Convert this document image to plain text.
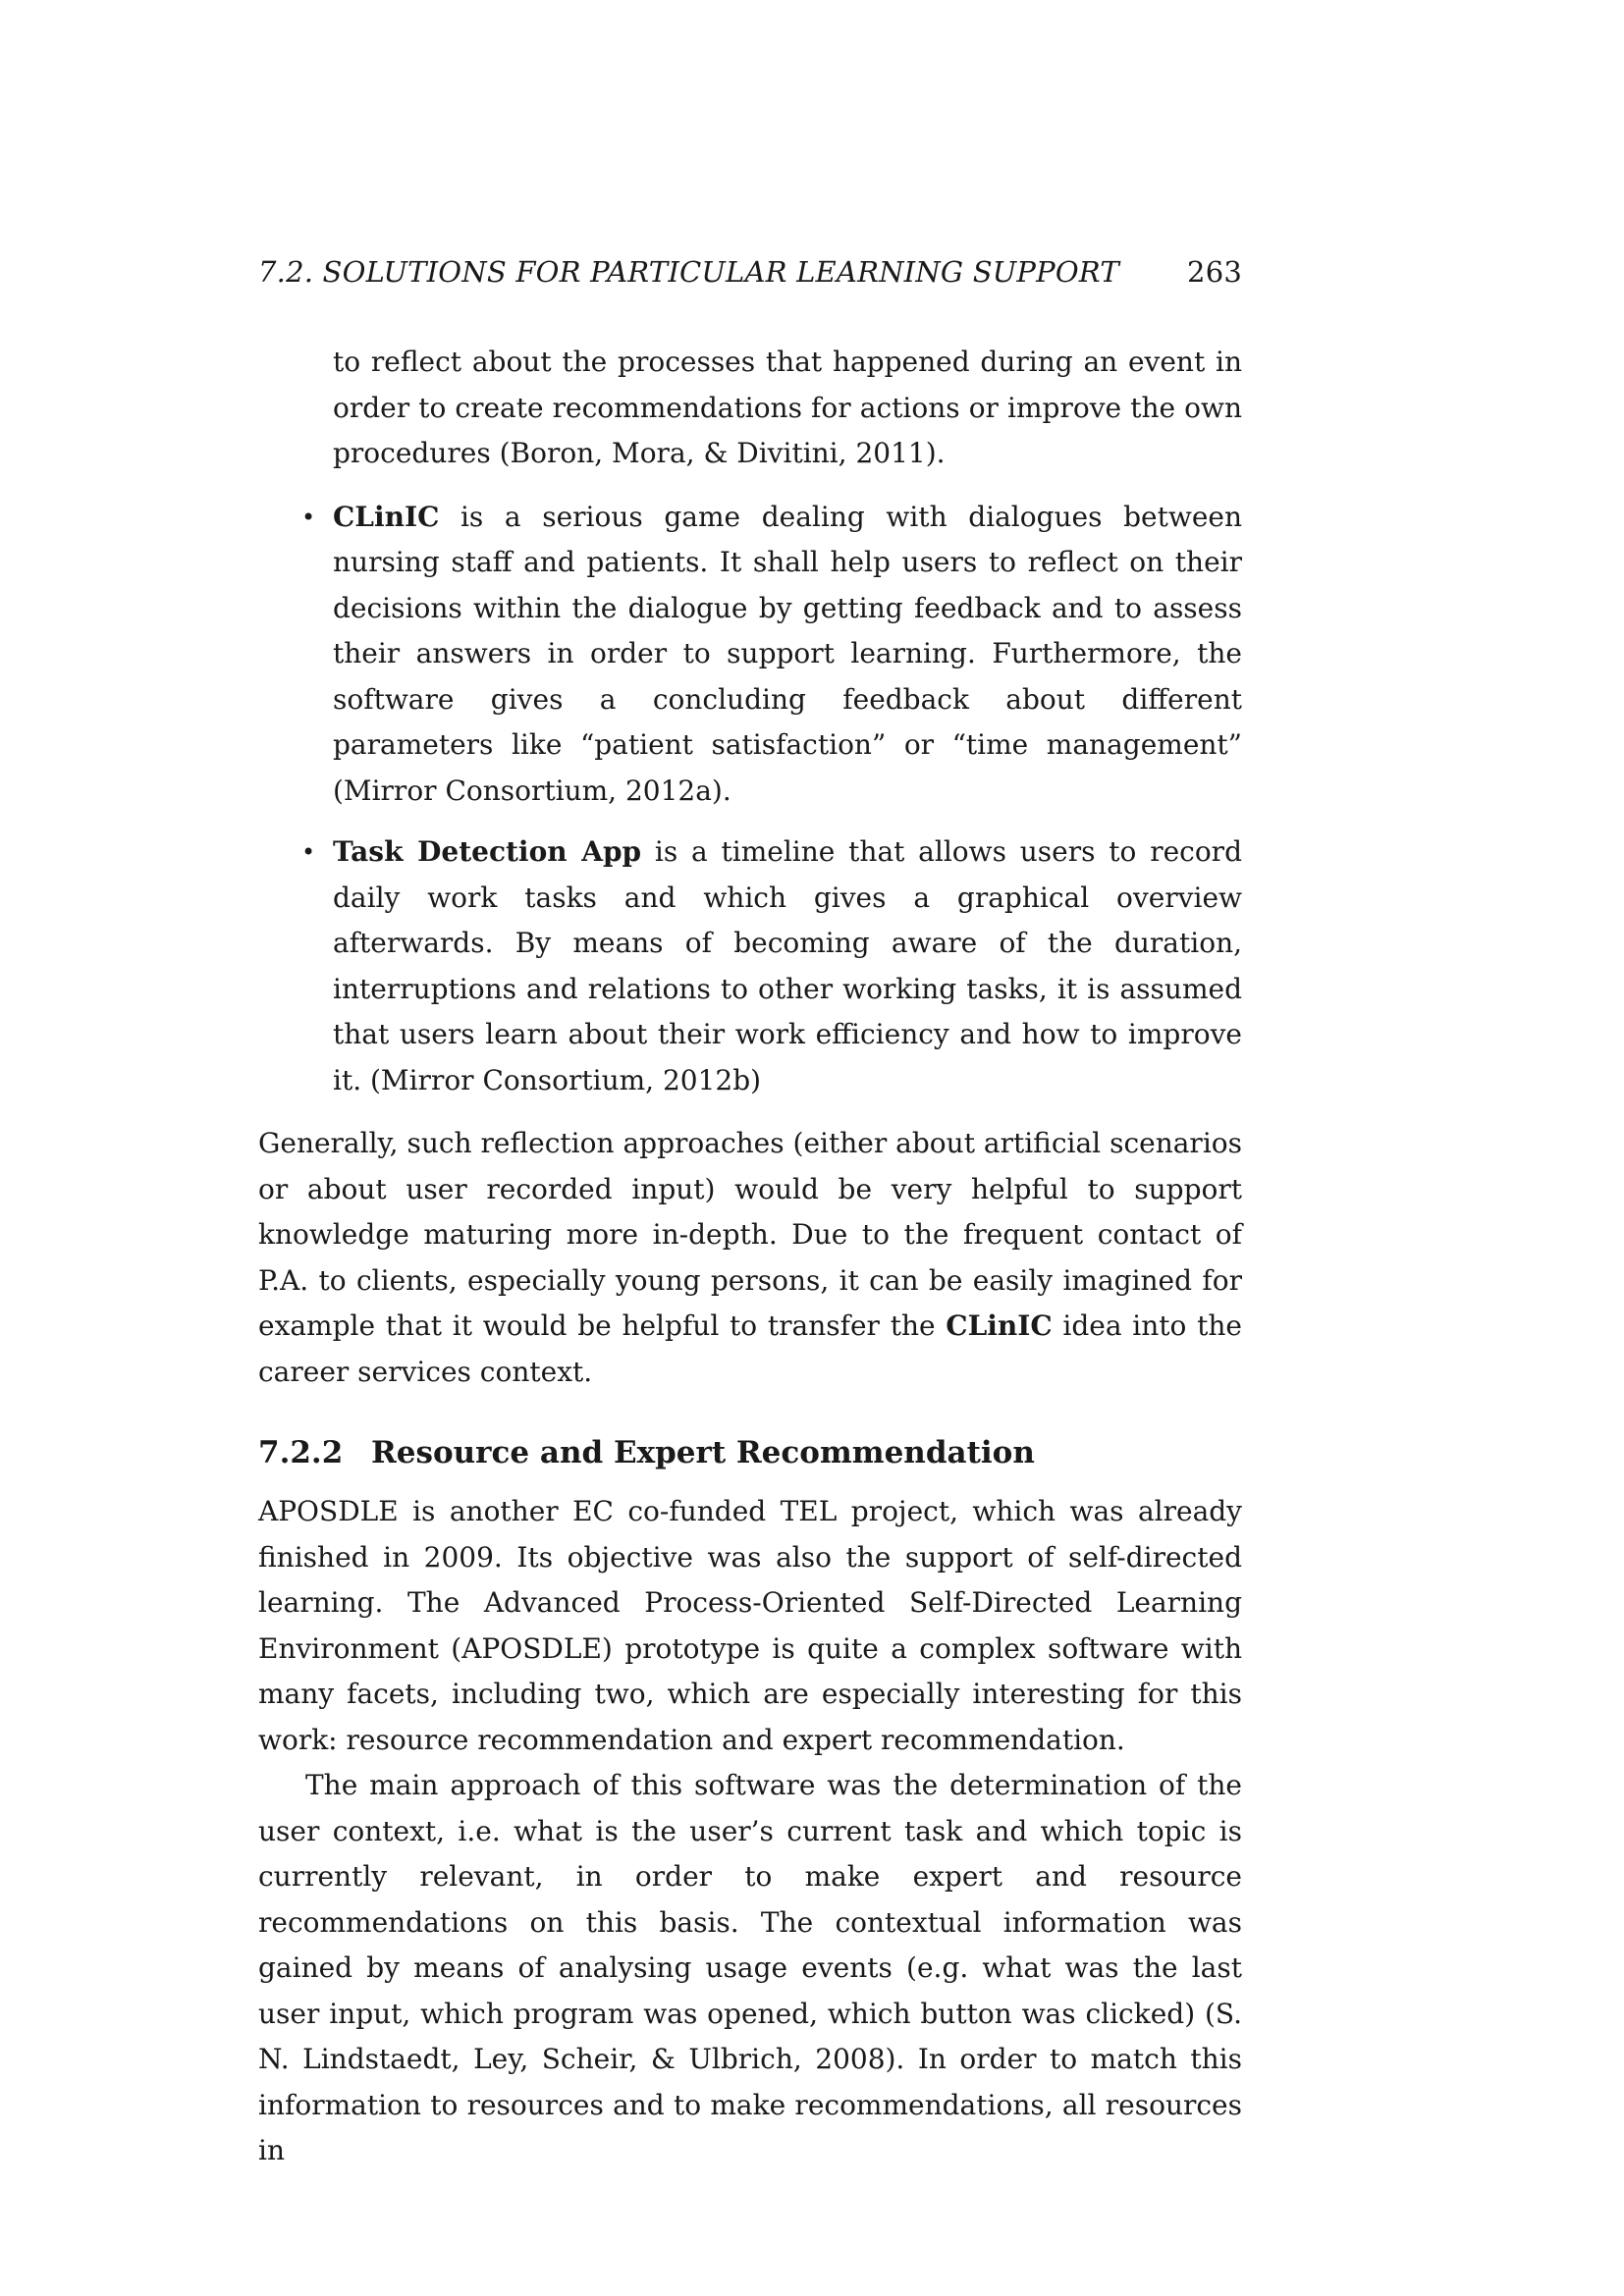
7.2. SOLUTIONS FOR PARTICULAR LEARNING SUPPORT 263

to reflect about the processes that happened during an event in order to create recommendations for actions or improve the own procedures (Boron, Mora, & Divitini, 2011).

• CLinIC is a serious game dealing with dialogues between nursing staff and patients. It shall help users to reflect on their decisions within the dialogue by getting feedback and to assess their answers in order to support learning. Furthermore, the software gives a concluding feedback about different parameters like “patient satisfaction” or “time management” (Mirror Consortium, 2012a).
• Task Detection App is a timeline that allows users to record daily work tasks and which gives a graphical overview afterwards. By means of becoming aware of the duration, interruptions and relations to other working tasks, it is assumed that users learn about their work efficiency and how to improve it. (Mirror Consortium, 2012b)

Generally, such reflection approaches (either about artificial scenarios or about user recorded input) would be very helpful to support knowledge maturing more in-depth. Due to the frequent contact of P.A. to clients, especially young persons, it can be easily imagined for example that it would be helpful to transfer the CLinIC idea into the career services context.

7.2.2 Resource and Expert Recommendation

APOSDLE is another EC co-funded TEL project, which was already finished in 2009. Its objective was also the support of self-directed learning. The Advanced Process-Oriented Self-Directed Learning Environment (APOSDLE) prototype is quite a complex software with many facets, including two, which are especially interesting for this work: resource recommendation and expert recommendation.

The main approach of this software was the determination of the user context, i.e. what is the user’s current task and which topic is currently relevant, in order to make expert and resource recommendations on this basis. The contextual information was gained by means of analysing usage events (e.g. what was the last user input, which program was opened, which button was clicked) (S. N. Lindstaedt, Ley, Scheir, & Ulbrich, 2008). In order to match this information to resources and to make recommendations, all resources in
